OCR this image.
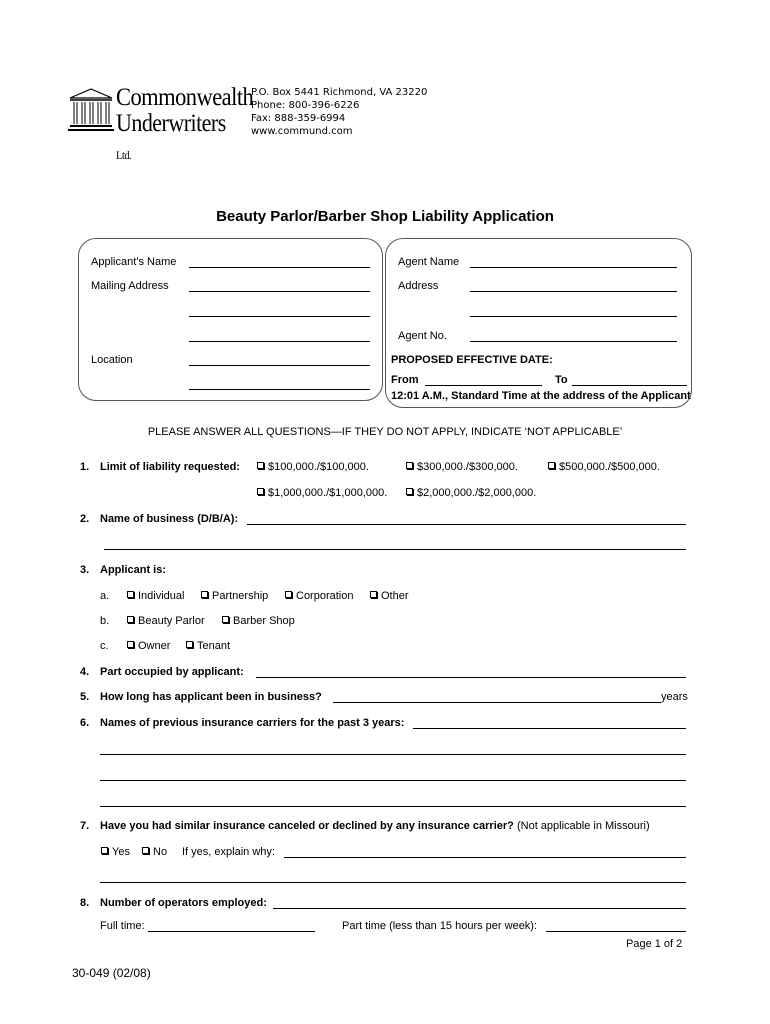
Commonwealth
Underwriters Ltd.
P.O. Box 5441 Richmond, VA 23220
Phone: 800-396-6226
Fax: 888-359-6994
www.commund.com
Beauty Parlor/Barber Shop Liability Application
Applicant’s Name
Mailing Address
Location
Agent Name
Address
Agent No.
PROPOSED EFFECTIVE DATE:
From	To
12:01 A.M., Standard Time at the address of the Applicant
PLEASE ANSWER ALL QUESTIONS—IF THEY DO NOT APPLY, INDICATE ‘NOT APPLICABLE’
1. Limit of liability requested:	$100,000./$100,000.	$300,000./$300,000.	$500,000./$500,000.
$1,000,000./$1,000,000.	$2,000,000./$2,000,000.
2. Name of business (D/B/A):
3. Applicant is:
a.	Individual	Partnership	Corporation	Other
b.	Beauty Parlor	Barber Shop
c.	Owner	Tenant
4. Part occupied by applicant:
5. How long has applicant been in business?	years
6. Names of previous insurance carriers for the past 3 years:
7. Have you had similar insurance canceled or declined by any insurance carrier? (Not applicable in Missouri)
Yes	No If yes, explain why:
8. Number of operators employed:
Full time:	Part time (less than 15 hours per week):
Page 1 of 2
30-049 (02/08)
